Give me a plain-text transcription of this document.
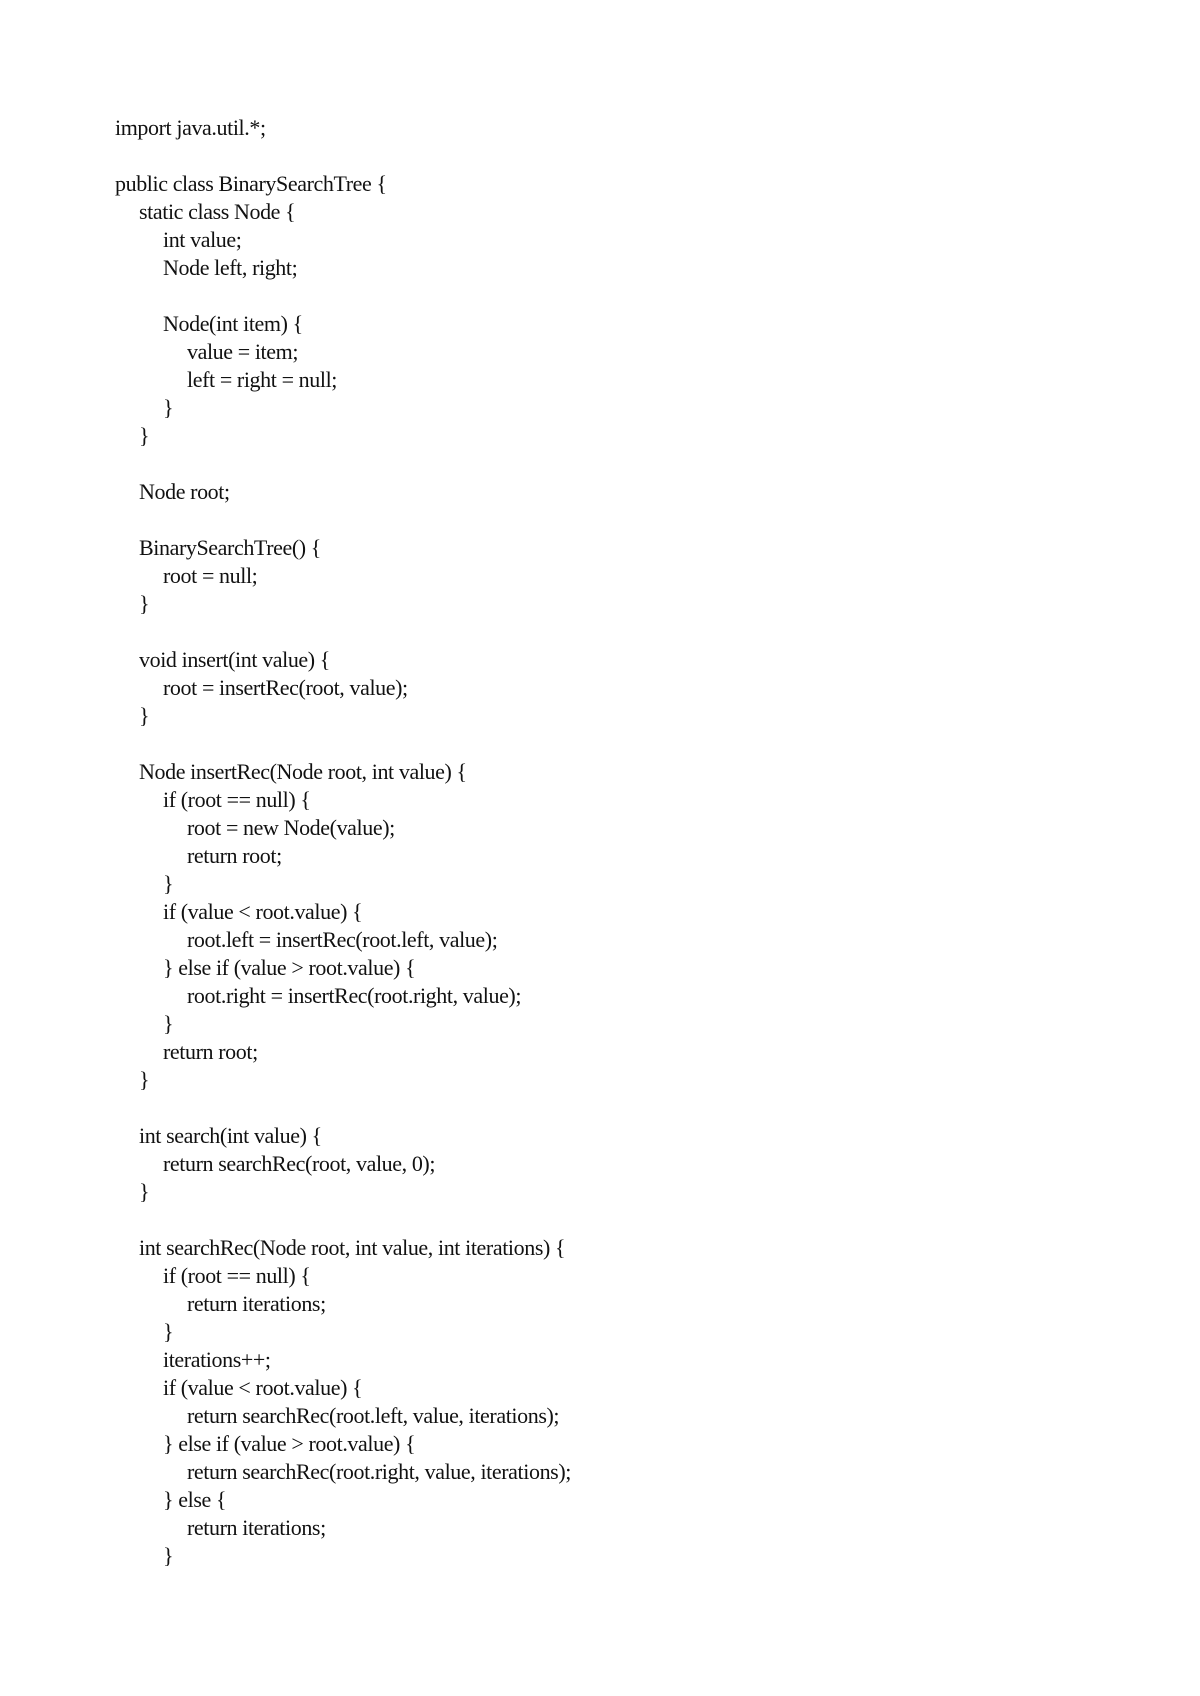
import java.util.*;
public class BinarySearchTree {
static class Node {
int value;
Node left, right;
Node(int item) {
value = item;
left = right = null;
}
}
Node root;
BinarySearchTree() {
root = null;
}
void insert(int value) {
root = insertRec(root, value);
}
Node insertRec(Node root, int value) {
if (root == null) {
root = new Node(value);
return root;
}
if (value < root.value) {
root.left = insertRec(root.left, value);
} else if (value > root.value) {
root.right = insertRec(root.right, value);
}
return root;
}
int search(int value) {
return searchRec(root, value, 0);
}
int searchRec(Node root, int value, int iterations) {
if (root == null) {
return iterations;
}
iterations++;
if (value < root.value) {
return searchRec(root.left, value, iterations);
} else if (value > root.value) {
return searchRec(root.right, value, iterations);
} else {
return iterations;
}
